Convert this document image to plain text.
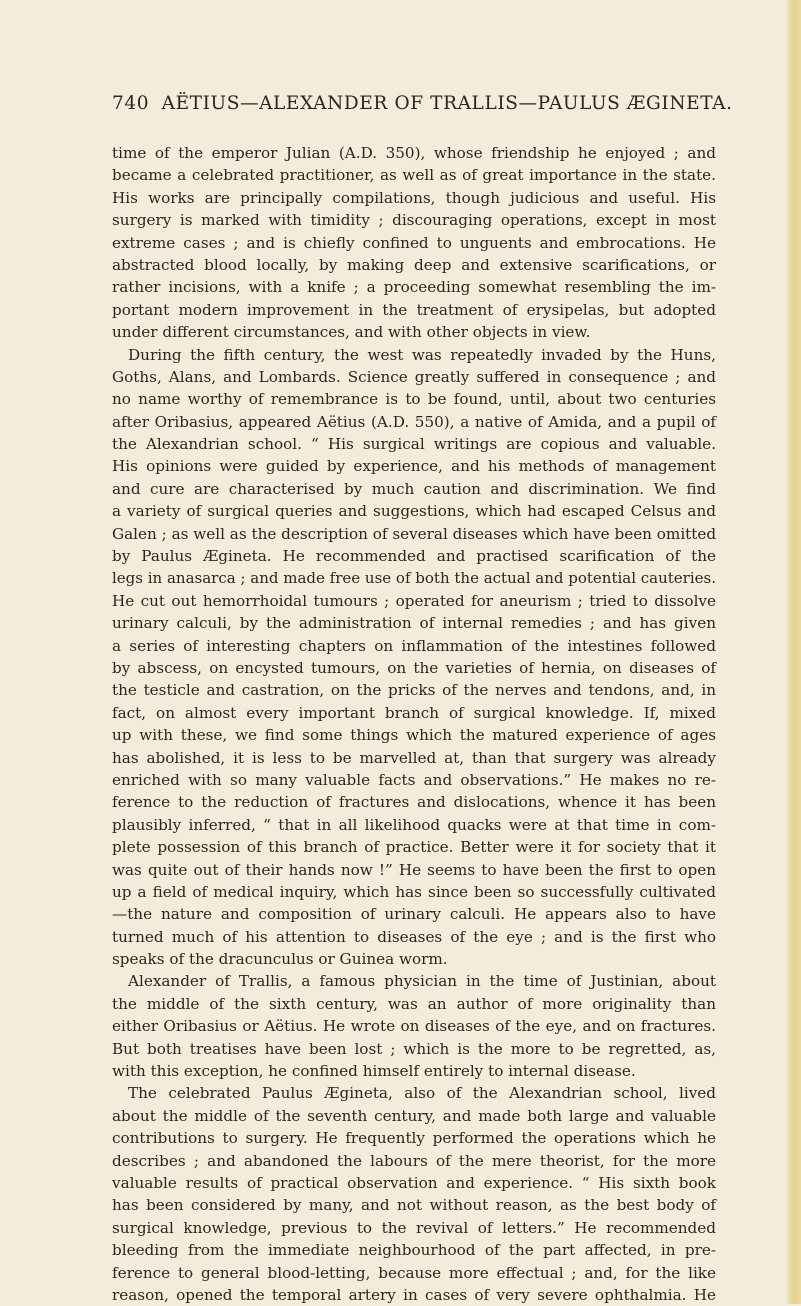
740 AËTIUS—ALEXANDER OF TRALLIS—PAULUS ÆGINETA.
time of the emperor Julian (A.D. 350), whose friendship he enjoyed ; and
became a celebrated practitioner, as well as of great importance in the state.
His works are principally compilations, though judicious and useful. His
surgery is marked with timidity ; discouraging operations, except in most
extreme cases ; and is chiefly confined to unguents and embrocations. He
abstracted blood locally, by making deep and extensive scarifications, or
rather incisions, with a knife ; a proceeding somewhat resembling the im-
portant modern improvement in the treatment of erysipelas, but adopted
under different circumstances, and with other objects in view.
During the fifth century, the west was repeatedly invaded by the Huns,
Goths, Alans, and Lombards. Science greatly suffered in consequence ; and
no name worthy of remembrance is to be found, until, about two centuries
after Oribasius, appeared Aëtius (A.D. 550), a native of Amida, and a pupil of
the Alexandrian school. “ His surgical writings are copious and valuable.
His opinions were guided by experience, and his methods of management
and cure are characterised by much caution and discrimination. We find
a variety of surgical queries and suggestions, which had escaped Celsus and
Galen ; as well as the description of several diseases which have been omitted
by Paulus Ægineta. He recommended and practised scarification of the
legs in anasarca ; and made free use of both the actual and potential cauteries.
He cut out hemorrhoidal tumours ; operated for aneurism ; tried to dissolve
urinary calculi, by the administration of internal remedies ; and has given
a series of interesting chapters on inflammation of the intestines followed
by abscess, on encysted tumours, on the varieties of hernia, on diseases of
the testicle and castration, on the pricks of the nerves and tendons, and, in
fact, on almost every important branch of surgical knowledge. If, mixed
up with these, we find some things which the matured experience of ages
has abolished, it is less to be marvelled at, than that surgery was already
enriched with so many valuable facts and observations.” He makes no re-
ference to the reduction of fractures and dislocations, whence it has been
plausibly inferred, “ that in all likelihood quacks were at that time in com-
plete possession of this branch of practice. Better were it for society that it
was quite out of their hands now !” He seems to have been the first to open
up a field of medical inquiry, which has since been so successfully cultivated
—the nature and composition of urinary calculi. He appears also to have
turned much of his attention to diseases of the eye ; and is the first who
speaks of the dracunculus or Guinea worm.
Alexander of Trallis, a famous physician in the time of Justinian, about
the middle of the sixth century, was an author of more originality than
either Oribasius or Aëtius. He wrote on diseases of the eye, and on fractures.
But both treatises have been lost ; which is the more to be regretted, as,
with this exception, he confined himself entirely to internal disease.
The celebrated Paulus Ægineta, also of the Alexandrian school, lived
about the middle of the seventh century, and made both large and valuable
contributions to surgery. He frequently performed the operations which he
describes ; and abandoned the labours of the mere theorist, for the more
valuable results of practical observation and experience. “ His sixth book
has been considered by many, and not without reason, as the best body of
surgical knowledge, previous to the revival of letters.” He recommended
bleeding from the immediate neighbourhood of the part affected, in pre-
ference to general blood-letting, because more effectual ; and, for the like
reason, opened the temporal artery in cases of very severe ophthalmia. He
